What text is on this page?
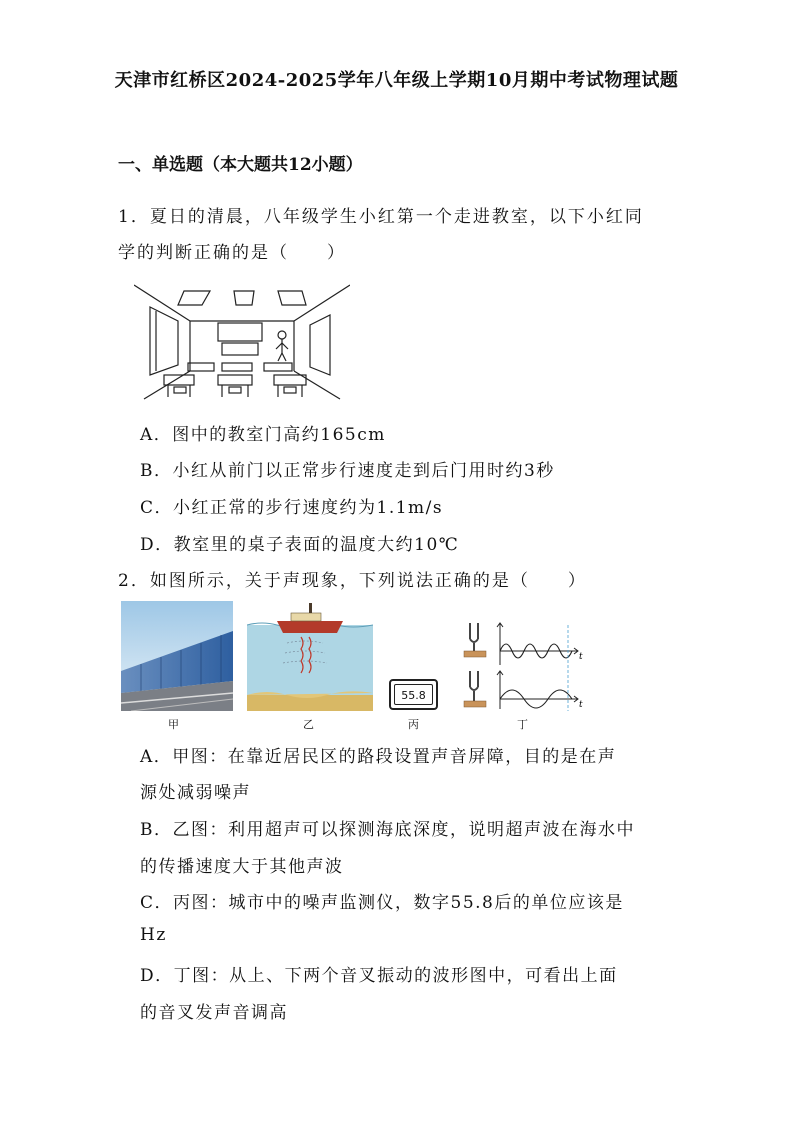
天津市红桥区2024-2025学年八年级上学期10月期中考试物理试题
一、单选题（本大题共12小题）
1．夏日的清晨，八年级学生小红第一个走进教室，以下小红同
学的判断正确的是（　　）
A．图中的教室门高约165cm
B．小红从前门以正常步行速度走到后门用时约3秒
C．小红正常的步行速度约为1.1m/s
D．教室里的桌子表面的温度大约10℃
2．如图所示，关于声现象，下列说法正确的是（　　）
55.8
t
t
甲	乙	丙	丁
A．甲图：在靠近居民区的路段设置声音屏障，目的是在声
源处减弱噪声
B．乙图：利用超声可以探测海底深度，说明超声波在海水中
的传播速度大于其他声波
C．丙图：城市中的噪声监测仪，数字55.8后的单位应该是
Hz
D．丁图：从上、下两个音叉振动的波形图中，可看出上面
的音叉发声音调高
